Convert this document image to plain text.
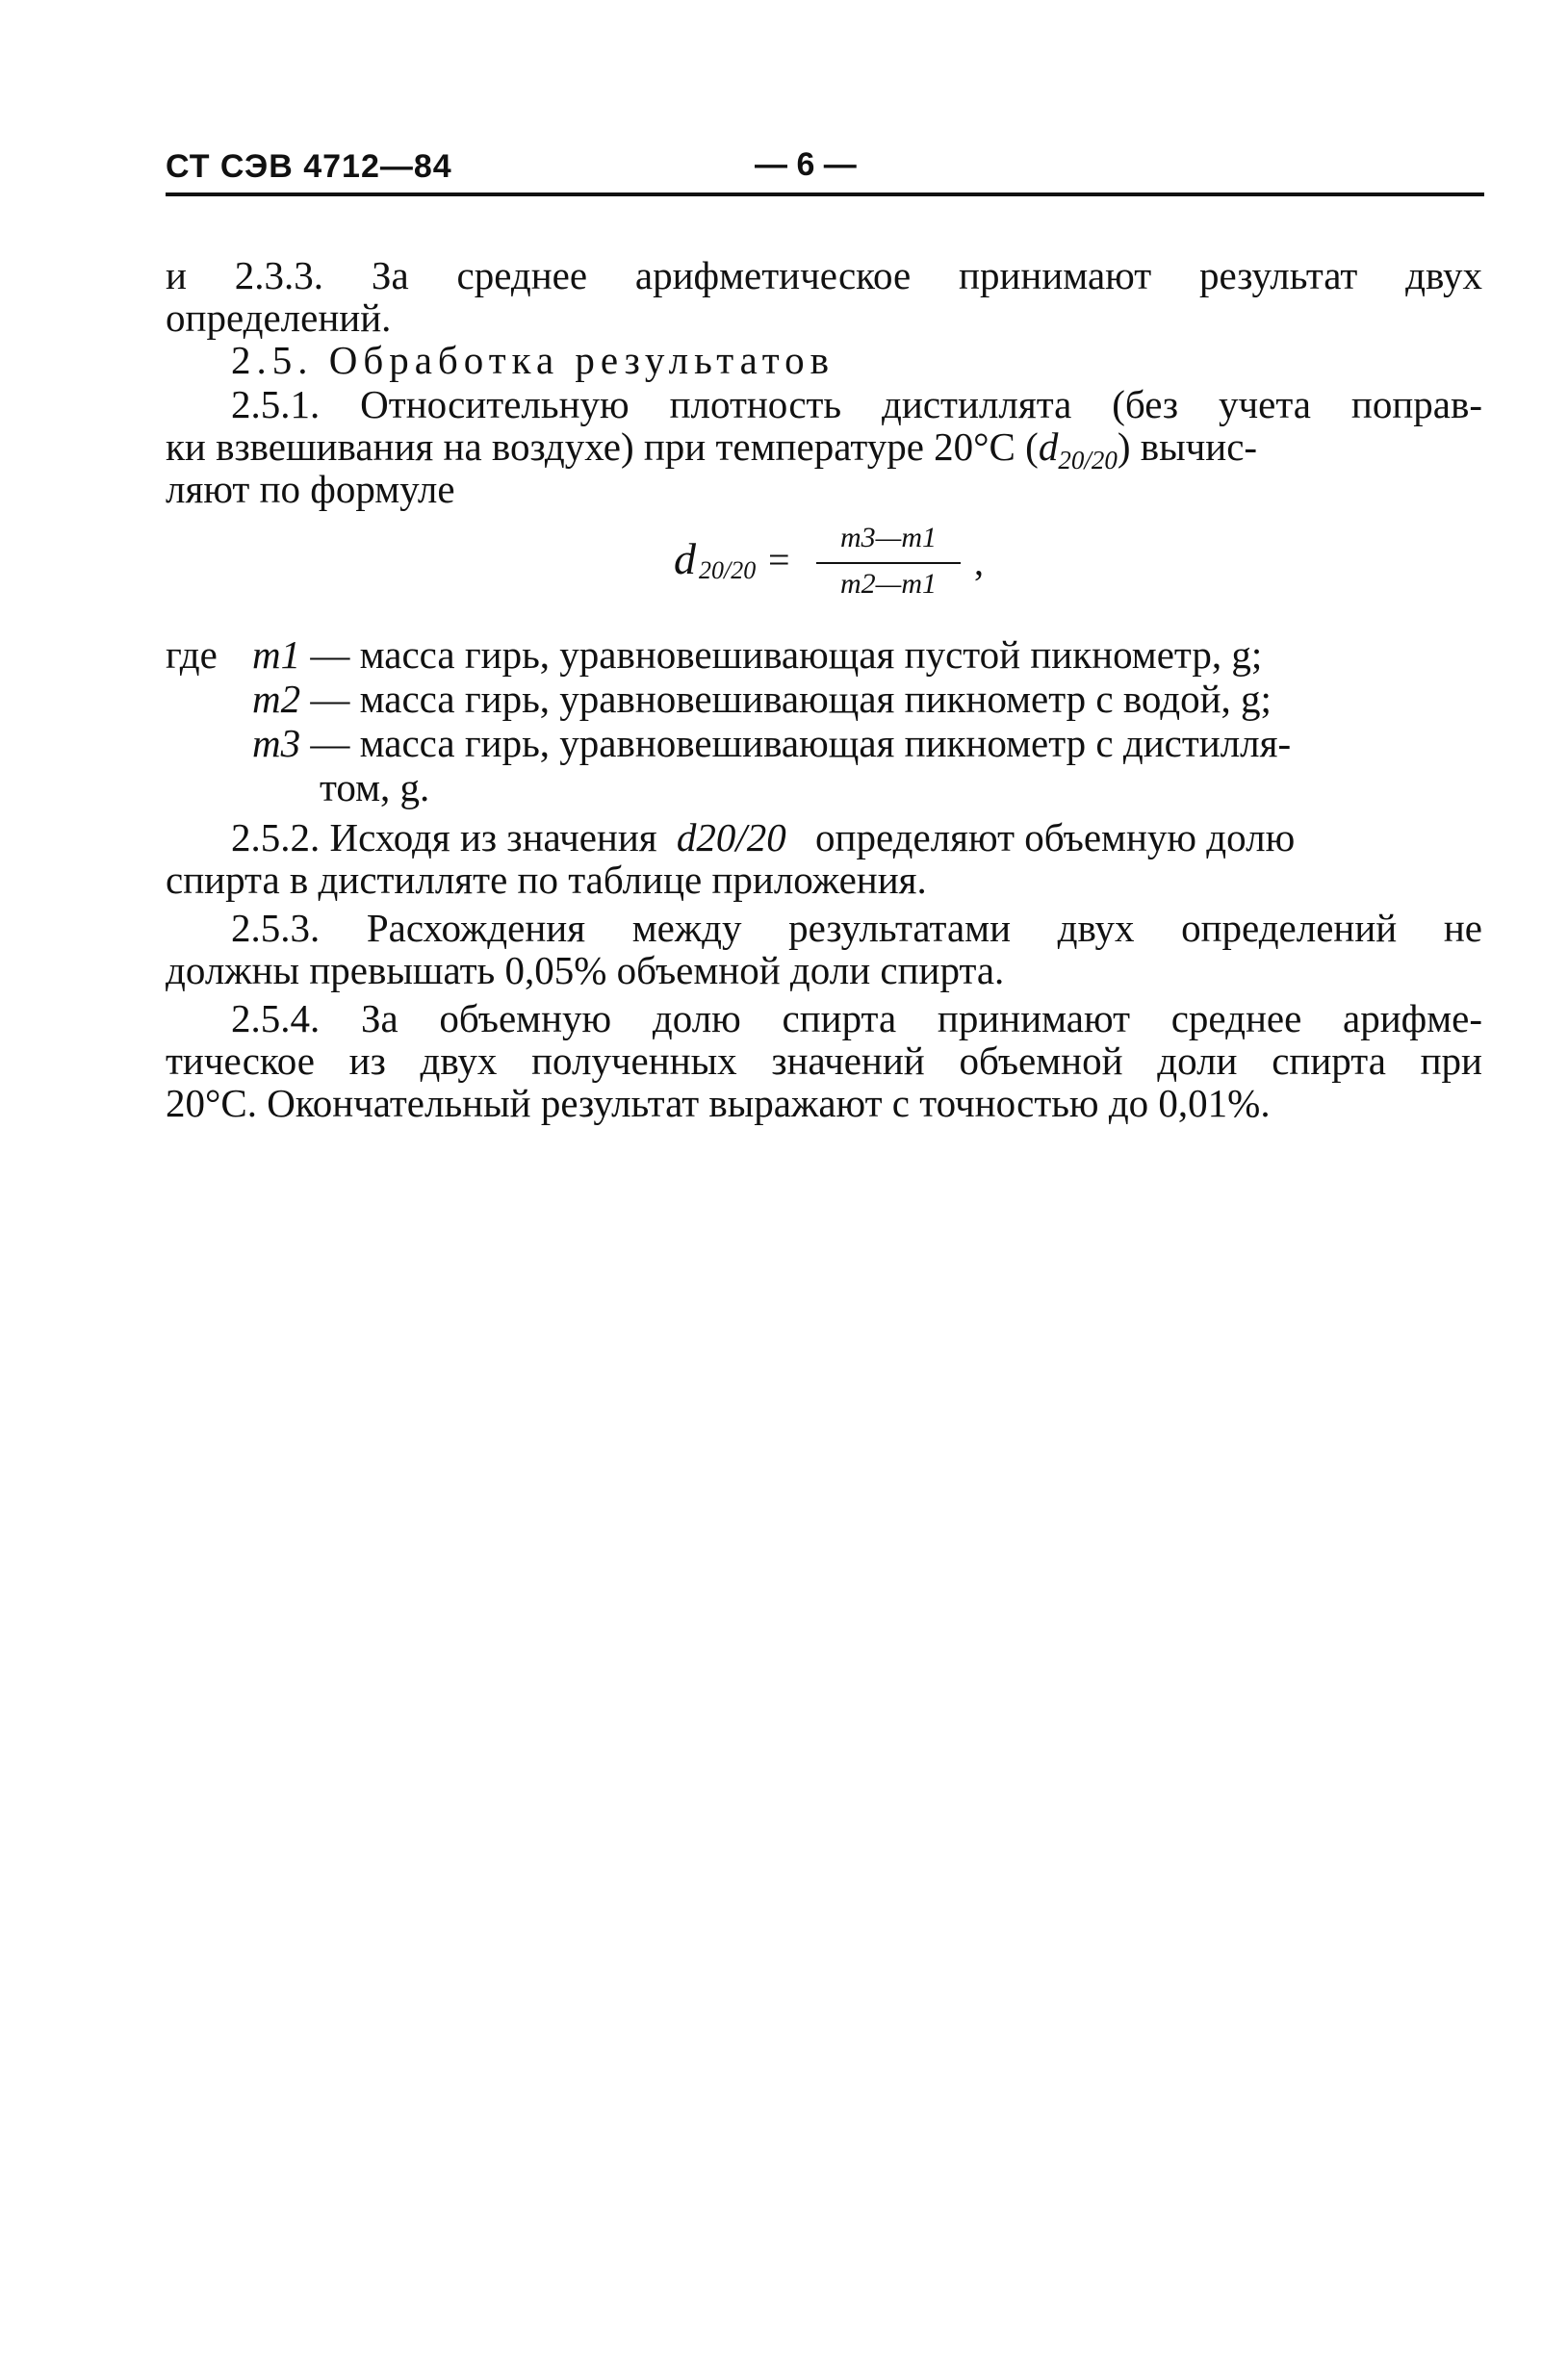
СТ СЭВ 4712—84	— 6 —
и 2.3.3. За среднее арифметическое принимают результат двух
определений.
2.5. Обработка результатов
2.5.1. Относительную плотность дистиллята (без учета поправ-
ки взвешивания на воздухе) при температуре 20°С $(d_{20/20})$ вычис-
ляют по формуле
d 20/20 =
m3—m1
m2—m1
,
где m1 — масса гирь, уравновешивающая пустой пикнометр, g;
m2 — масса гирь, уравновешивающая пикнометр с водой, g;
m3 — масса гирь, уравновешивающая пикнометр с дистилля-
том, g.
2.5.2. Исходя из значения d20/20 определяют объемную долю
спирта в дистилляте по таблице приложения.
2.5.3. Расхождения между результатами двух определений не
должны превышать 0,05% объемной доли спирта.
2.5.4. За объемную долю спирта принимают среднее арифме-
тическое из двух полученных значений объемной доли спирта при
20°С. Окончательный результат выражают с точностью до 0,01%.
